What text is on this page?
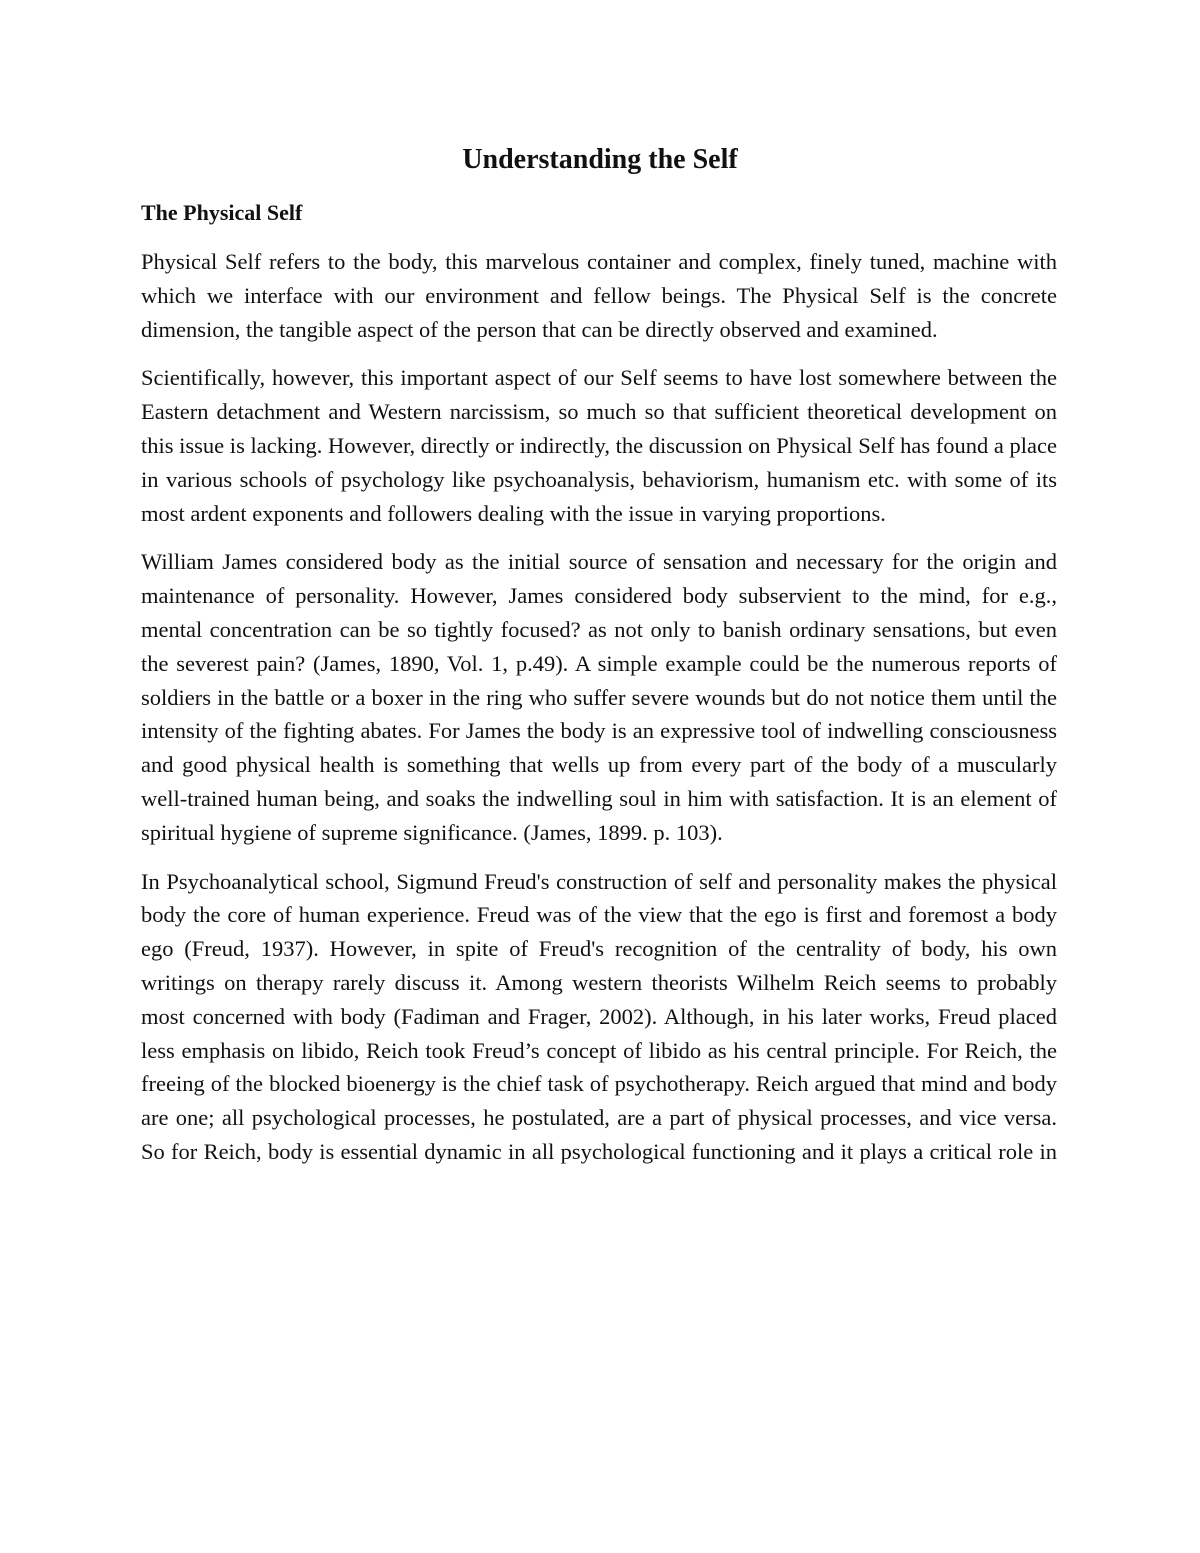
Understanding the Self
The Physical Self

Physical Self refers to the body, this marvelous container and complex, finely tuned, machine with which we interface with our environment and fellow beings. The Physical Self is the concrete dimension, the tangible aspect of the person that can be directly observed and examined.

Scientifically, however, this important aspect of our Self seems to have lost somewhere between the Eastern detachment and Western narcissism, so much so that sufficient theoretical development on this issue is lacking. However, directly or indirectly, the discussion on Physical Self has found a place in various schools of psychology like psychoanalysis, behaviorism, humanism etc. with some of its most ardent exponents and followers dealing with the issue in varying proportions.

William James considered body as the initial source of sensation and necessary for the origin and maintenance of personality. However, James considered body subservient to the mind, for e.g., mental concentration can be so tightly focused? as not only to banish ordinary sensations, but even the severest pain? (James, 1890, Vol. 1, p.49). A simple example could be the numerous reports of soldiers in the battle or a boxer in the ring who suffer severe wounds but do not notice them until the intensity of the fighting abates. For James the body is an expressive tool of indwelling consciousness and good physical health is something that wells up from every part of the body of a muscularly well-trained human being, and soaks the indwelling soul in him with satisfaction. It is an element of spiritual hygiene of supreme significance. (James, 1899. p. 103).

In Psychoanalytical school, Sigmund Freud's construction of self and personality makes the physical body the core of human experience. Freud was of the view that the ego is first and foremost a body ego (Freud, 1937). However, in spite of Freud's recognition of the centrality of body, his own writings on therapy rarely discuss it. Among western theorists Wilhelm Reich seems to probably most concerned with body (Fadiman and Frager, 2002). Although, in his later works, Freud placed less emphasis on libido, Reich took Freud’s concept of libido as his central principle. For Reich, the freeing of the blocked bioenergy is the chief task of psychotherapy. Reich argued that mind and body are one; all psychological processes, he postulated, are a part of physical processes, and vice versa. So for Reich, body is essential dynamic in all psychological functioning and it plays a critical role in
